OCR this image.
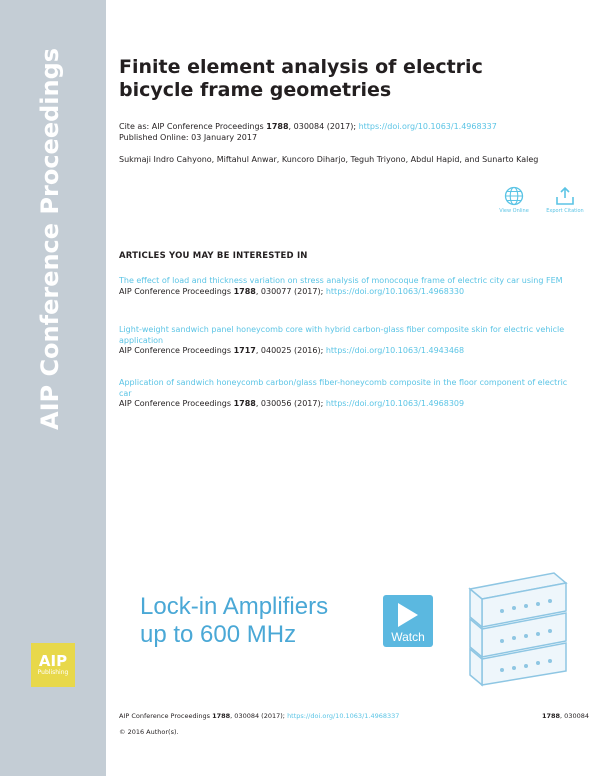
AIP Conference Proceedings
AIP
Publishing
Finite element analysis of electric bicycle frame geometries
Cite as: AIP Conference Proceedings 1788, 030084 (2017); https://doi.org/10.1063/1.4968337
Published Online: 03 January 2017
Sukmaji Indro Cahyono, Miftahul Anwar, Kuncoro Diharjo, Teguh Triyono, Abdul Hapid, and Sunarto Kaleg
View Online	Export Citation
ARTICLES YOU MAY BE INTERESTED IN
The effect of load and thickness variation on stress analysis of monocoque frame of electric city car using FEM
AIP Conference Proceedings 1788, 030077 (2017); https://doi.org/10.1063/1.4968330
Light-weight sandwich panel honeycomb core with hybrid carbon-glass fiber composite skin for electric vehicle application
AIP Conference Proceedings 1717, 040025 (2016); https://doi.org/10.1063/1.4943468
Application of sandwich honeycomb carbon/glass fiber-honeycomb composite in the floor component of electric car
AIP Conference Proceedings 1788, 030056 (2017); https://doi.org/10.1063/1.4968309
Lock-in Amplifiers
up to 600 MHz	Watch
AIP Conference Proceedings 1788, 030084 (2017); https://doi.org/10.1063/1.4968337	1788, 030084
© 2016 Author(s).
